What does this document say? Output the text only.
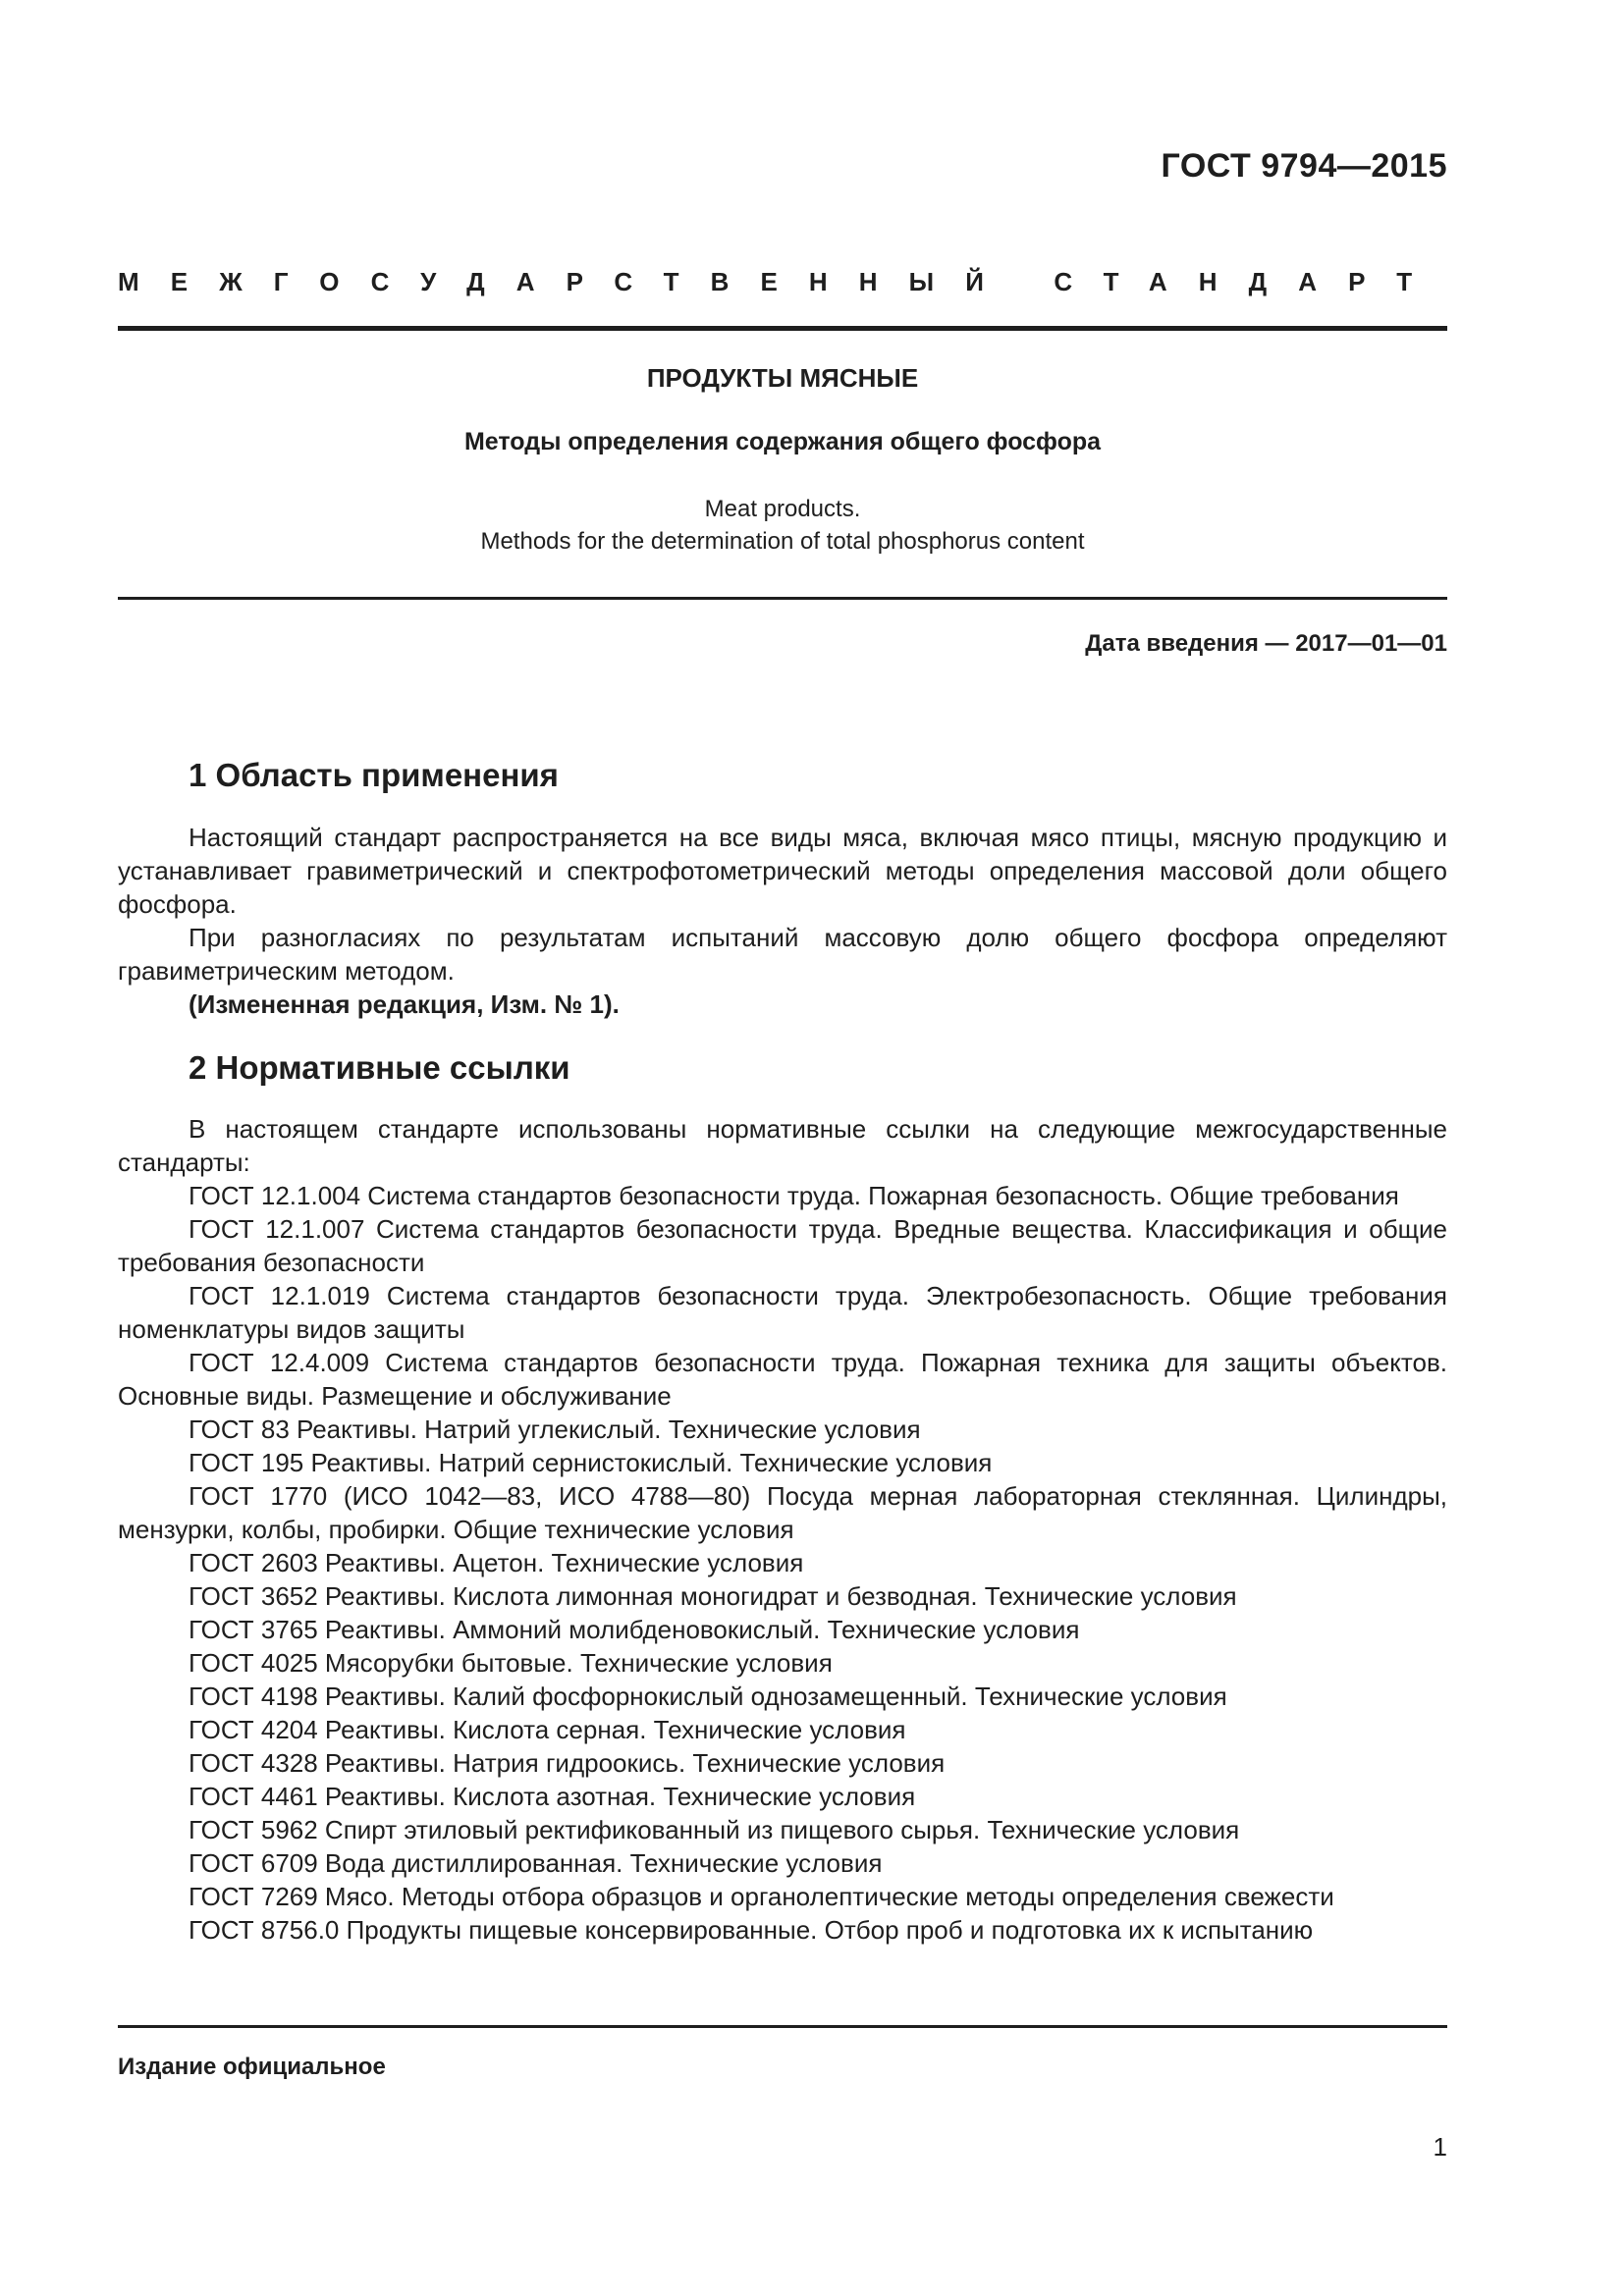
ГОСТ 9794—2015
МЕЖГОСУДАРСТВЕННЫЙ СТАНДАРТ
ПРОДУКТЫ МЯСНЫЕ
Методы определения содержания общего фосфора
Meat products.
Methods for the determination of total phosphorus content
Дата введения — 2017—01—01
1 Область применения

Настоящий стандарт распространяется на все виды мяса, включая мясо птицы, мясную продукцию и устанавливает гравиметрический и спектрофотометрический методы определения массовой доли общего фосфора.

При разногласиях по результатам испытаний массовую долю общего фосфора определяют гравиметрическим методом.

(Измененная редакция, Изм. № 1).

2 Нормативные ссылки

В настоящем стандарте использованы нормативные ссылки на следующие межгосударственные стандарты:

ГОСТ 12.1.004 Система стандартов безопасности труда. Пожарная безопасность. Общие требования

ГОСТ 12.1.007 Система стандартов безопасности труда. Вредные вещества. Классификация и общие требования безопасности

ГОСТ 12.1.019 Система стандартов безопасности труда. Электробезопасность. Общие требования номенклатуры видов защиты

ГОСТ 12.4.009 Система стандартов безопасности труда. Пожарная техника для защиты объектов. Основные виды. Размещение и обслуживание

ГОСТ 83 Реактивы. Натрий углекислый. Технические условия

ГОСТ 195 Реактивы. Натрий сернистокислый. Технические условия

ГОСТ 1770 (ИСО 1042—83, ИСО 4788—80) Посуда мерная лабораторная стеклянная. Цилиндры, мензурки, колбы, пробирки. Общие технические условия

ГОСТ 2603 Реактивы. Ацетон. Технические условия

ГОСТ 3652 Реактивы. Кислота лимонная моногидрат и безводная. Технические условия

ГОСТ 3765 Реактивы. Аммоний молибденовокислый. Технические условия

ГОСТ 4025 Мясорубки бытовые. Технические условия

ГОСТ 4198 Реактивы. Калий фосфорнокислый однозамещенный. Технические условия

ГОСТ 4204 Реактивы. Кислота серная. Технические условия

ГОСТ 4328 Реактивы. Натрия гидроокись. Технические условия

ГОСТ 4461 Реактивы. Кислота азотная. Технические условия

ГОСТ 5962 Спирт этиловый ректификованный из пищевого сырья. Технические условия

ГОСТ 6709 Вода дистиллированная. Технические условия

ГОСТ 7269 Мясо. Методы отбора образцов и органолептические методы определения свежести

ГОСТ 8756.0 Продукты пищевые консервированные. Отбор проб и подготовка их к испытанию

Издание официальное
1
